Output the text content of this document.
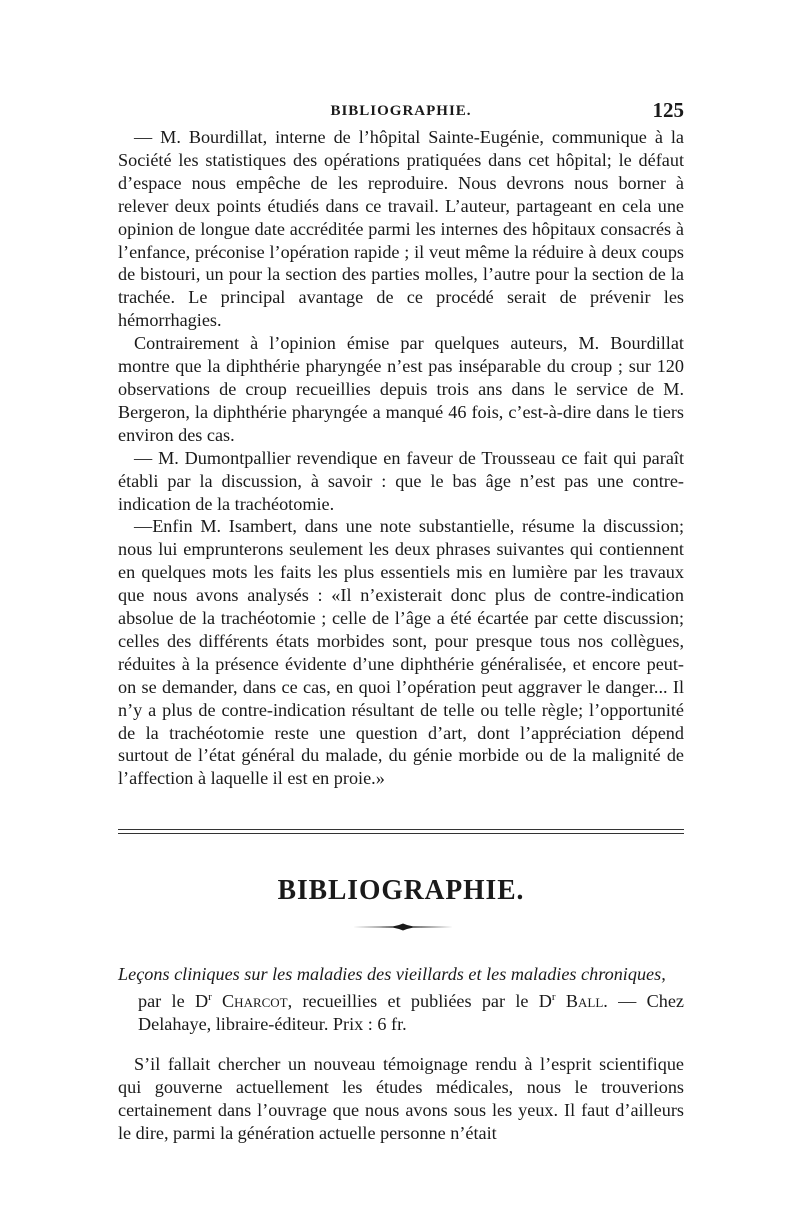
BIBLIOGRAPHIE.	125

— M. Bourdillat, interne de l’hôpital Sainte-Eugénie, communique à la Société les statistiques des opérations pratiquées dans cet hôpital; le défaut d’espace nous empêche de les reproduire. Nous devrons nous borner à relever deux points étudiés dans ce travail. L’auteur, partageant en cela une opinion de longue date accréditée parmi les internes des hôpitaux consacrés à l’enfance, préconise l’opération rapide ; il veut même la réduire à deux coups de bistouri, un pour la section des parties molles, l’autre pour la section de la trachée. Le principal avantage de ce procédé serait de prévenir les hémorrhagies.

Contrairement à l’opinion émise par quelques auteurs, M. Bourdillat montre que la diphthérie pharyngée n’est pas inséparable du croup ; sur 120 observations de croup recueillies depuis trois ans dans le service de M. Bergeron, la diphthérie pharyngée a manqué 46 fois, c’est-à-dire dans le tiers environ des cas.

— M. Dumontpallier revendique en faveur de Trousseau ce fait qui paraît établi par la discussion, à savoir : que le bas âge n’est pas une contre-indication de la trachéotomie.

—Enfin M. Isambert, dans une note substantielle, résume la discussion; nous lui emprunterons seulement les deux phrases suivantes qui contiennent en quelques mots les faits les plus essentiels mis en lumière par les travaux que nous avons analysés : «Il n’existerait donc plus de contre-indication absolue de la trachéotomie ; celle de l’âge a été écartée par cette discussion; celles des différents états morbides sont, pour presque tous nos collègues, réduites à la présence évidente d’une diphthérie généralisée, et encore peut-on se demander, dans ce cas, en quoi l’opération peut aggraver le danger... Il n’y a plus de contre-indication résultant de telle ou telle règle; l’opportunité de la trachéotomie reste une question d’art, dont l’appréciation dépend surtout de l’état général du malade, du génie morbide ou de la malignité de l’affection à laquelle il est en proie.»

BIBLIOGRAPHIE.
Leçons cliniques sur les maladies des vieillards et les maladies chroniques,
par le $D^r$ Charcot, recueillies et publiées par le $D^r$ Ball. — Chez Delahaye, libraire-éditeur. Prix : 6 fr.

S’il fallait chercher un nouveau témoignage rendu à l’esprit scientifique qui gouverne actuellement les études médicales, nous le trouverions certainement dans l’ouvrage que nous avons sous les yeux. Il faut d’ailleurs le dire, parmi la génération actuelle personne n’était
